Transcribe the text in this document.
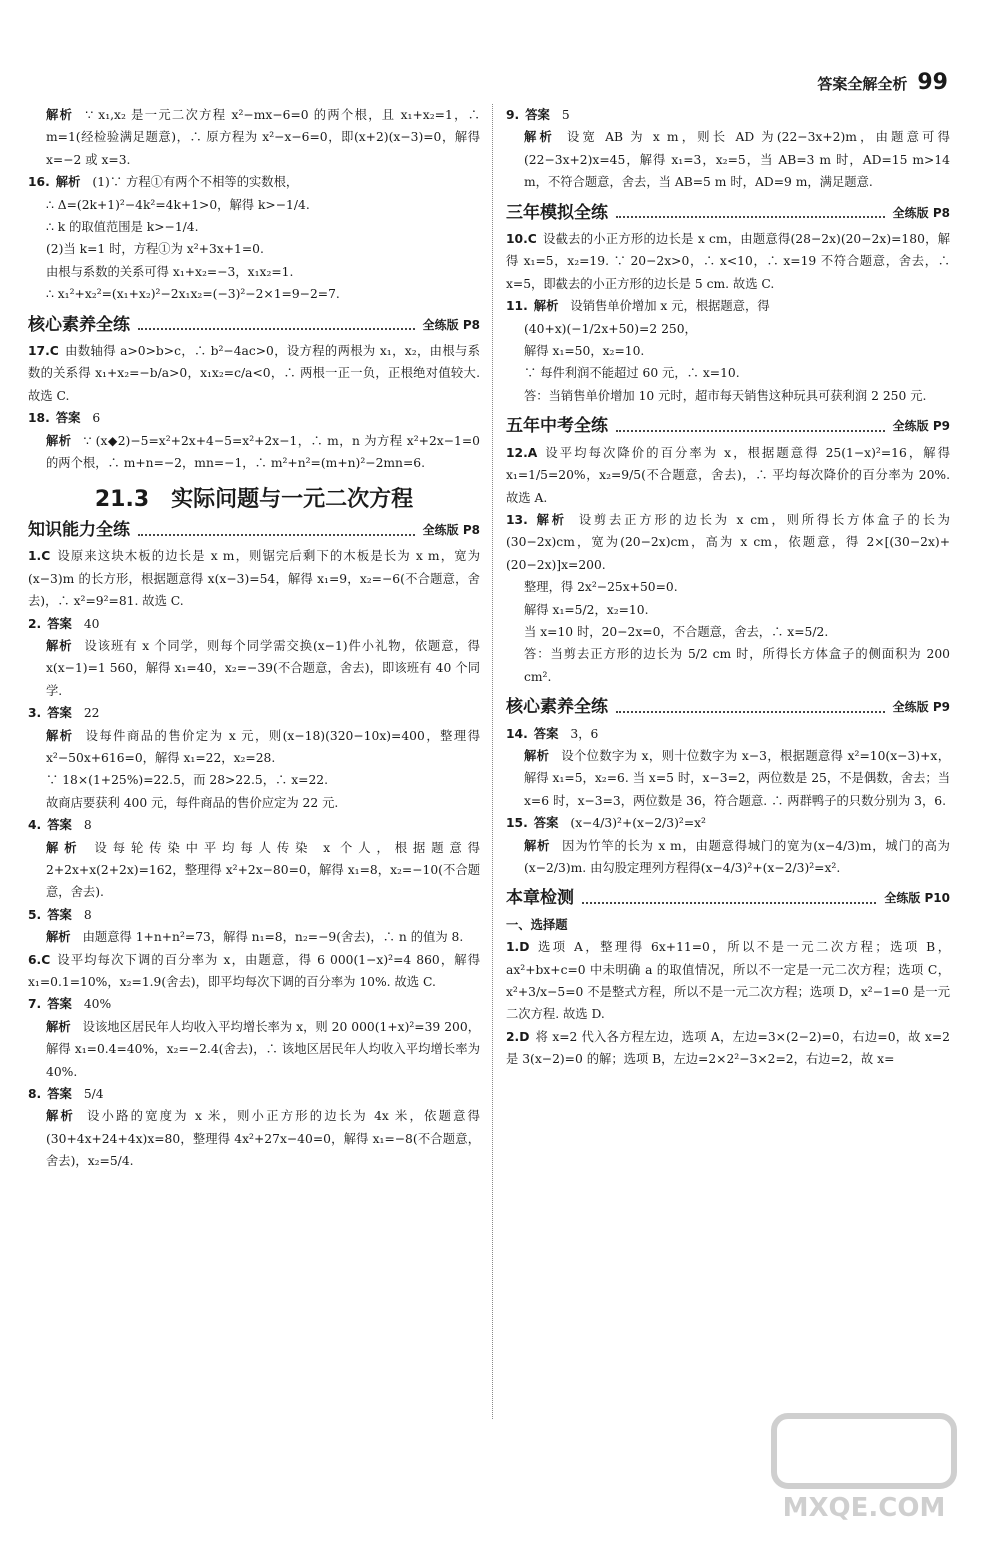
答案全解全析 99

解析 ∵ x₁,x₂ 是一元二次方程 x²−mx−6=0 的两个根，且 x₁+x₂=1，∴ m=1(经检验满足题意)，∴ 原方程为 x²−x−6=0，即(x+2)(x−3)=0，解得 x=−2 或 x=3.

16. 解析 (1)∵ 方程①有两个不相等的实数根，

∴ Δ=(2k+1)²−4k²=4k+1>0，解得 k>−1/4.

∴ k 的取值范围是 k>−1/4.

(2)当 k=1 时，方程①为 x²+3x+1=0.

由根与系数的关系可得 x₁+x₂=−3，x₁x₂=1.

∴ x₁²+x₂²=(x₁+x₂)²−2x₁x₂=(−3)²−2×1=9−2=7.

核心素养全练	全练版 P8

17.C 由数轴得 a>0>b>c，∴ b²−4ac>0，设方程的两根为 x₁，x₂，由根与系数的关系得 x₁+x₂=−b/a>0，x₁x₂=c/a<0，∴ 两根一正一负，正根绝对值较大. 故选 C.

18. 答案 6

解析 ∵ (x◆2)−5=x²+2x+4−5=x²+2x−1，∴ m，n 为方程 x²+2x−1=0 的两个根，∴ m+n=−2，mn=−1，∴ m²+n²=(m+n)²−2mn=6.

21.3　实际问题与一元二次方程
知识能力全练	全练版 P8

1.C 设原来这块木板的边长是 x m，则锯完后剩下的木板是长为 x m，宽为(x−3)m 的长方形，根据题意得 x(x−3)=54，解得 x₁=9，x₂=−6(不合题意，舍去)，∴ x²=9²=81. 故选 C.

2. 答案 40

解析 设该班有 x 个同学，则每个同学需交换(x−1)件小礼物，依题意，得 x(x−1)=1 560，解得 x₁=40，x₂=−39(不合题意，舍去)，即该班有 40 个同学.

3. 答案 22

解析 设每件商品的售价定为 x 元，则(x−18)(320−10x)=400，整理得 x²−50x+616=0，解得 x₁=22，x₂=28.

∵ 18×(1+25%)=22.5，而 28>22.5，∴ x=22.

故商店要获利 400 元，每件商品的售价应定为 22 元.

4. 答案 8

解析 设每轮传染中平均每人传染 x 个人，根据题意得 2+2x+x(2+2x)=162，整理得 x²+2x−80=0，解得 x₁=8，x₂=−10(不合题意，舍去).

5. 答案 8

解析 由题意得 1+n+n²=73，解得 n₁=8，n₂=−9(舍去)，∴ n 的值为 8.

6.C 设平均每次下调的百分率为 x，由题意，得 6 000(1−x)²=4 860，解得 x₁=0.1=10%，x₂=1.9(舍去)，即平均每次下调的百分率为 10%. 故选 C.

7. 答案 40%

解析 设该地区居民年人均收入平均增长率为 x，则 20 000(1+x)²=39 200，解得 x₁=0.4=40%，x₂=−2.4(舍去)，∴ 该地区居民年人均收入平均增长率为 40%.

8. 答案 5/4

解析 设小路的宽度为 x 米，则小正方形的边长为 4x 米，依题意得(30+4x+24+4x)x=80，整理得 4x²+27x−40=0，解得 x₁=−8(不合题意，舍去)，x₂=5/4.

9. 答案 5

解析 设宽 AB 为 x m，则长 AD 为(22−3x+2)m，由题意可得(22−3x+2)x=45，解得 x₁=3，x₂=5，当 AB=3 m 时，AD=15 m>14 m，不符合题意，舍去，当 AB=5 m 时，AD=9 m，满足题意.

三年模拟全练	全练版 P8

10.C 设截去的小正方形的边长是 x cm，由题意得(28−2x)(20−2x)=180，解得 x₁=5，x₂=19. ∵ 20−2x>0，∴ x<10，∴ x=19 不符合题意，舍去，∴ x=5，即截去的小正方形的边长是 5 cm. 故选 C.

11. 解析 设销售单价增加 x 元，根据题意，得

(40+x)(−1/2x+50)=2 250，

解得 x₁=50，x₂=10.

∵ 每件利润不能超过 60 元，∴ x=10.

答：当销售单价增加 10 元时，超市每天销售这种玩具可获利润 2 250 元.

五年中考全练	全练版 P9

12.A 设平均每次降价的百分率为 x，根据题意得 25(1−x)²=16，解得 x₁=1/5=20%，x₂=9/5(不合题意，舍去)，∴ 平均每次降价的百分率为 20%. 故选 A.

13. 解析 设剪去正方形的边长为 x cm，则所得长方体盒子的长为(30−2x)cm，宽为(20−2x)cm，高为 x cm，依题意，得 2×[(30−2x)+(20−2x)]x=200.

整理，得 2x²−25x+50=0.

解得 x₁=5/2，x₂=10.

当 x=10 时，20−2x=0，不合题意，舍去，∴ x=5/2.

答：当剪去正方形的边长为 5/2 cm 时，所得长方体盒子的侧面积为 200 cm².

核心素养全练	全练版 P9

14. 答案 3，6

解析 设个位数字为 x，则十位数字为 x−3，根据题意得 x²=10(x−3)+x，解得 x₁=5，x₂=6. 当 x=5 时，x−3=2，两位数是 25，不是偶数，舍去；当 x=6 时，x−3=3，两位数是 36，符合题意. ∴ 两群鸭子的只数分别为 3，6.

15. 答案 (x−4/3)²+(x−2/3)²=x²

解析 因为竹竿的长为 x m，由题意得城门的宽为(x−4/3)m，城门的高为(x−2/3)m. 由勾股定理列方程得(x−4/3)²+(x−2/3)²=x².

本章检测	全练版 P10
一、选择题

1.D 选项 A，整理得 6x+11=0，所以不是一元二次方程；选项 B，ax²+bx+c=0 中未明确 a 的取值情况，所以不一定是一元二次方程；选项 C，x²+3/x−5=0 不是整式方程，所以不是一元二次方程；选项 D，x²−1=0 是一元二次方程. 故选 D.

2.D 将 x=2 代入各方程左边，选项 A，左边=3×(2−2)=0，右边=0，故 x=2 是 3(x−2)=0 的解；选项 B，左边=2×2²−3×2=2，右边=2，故 x=

MXQE.COM
